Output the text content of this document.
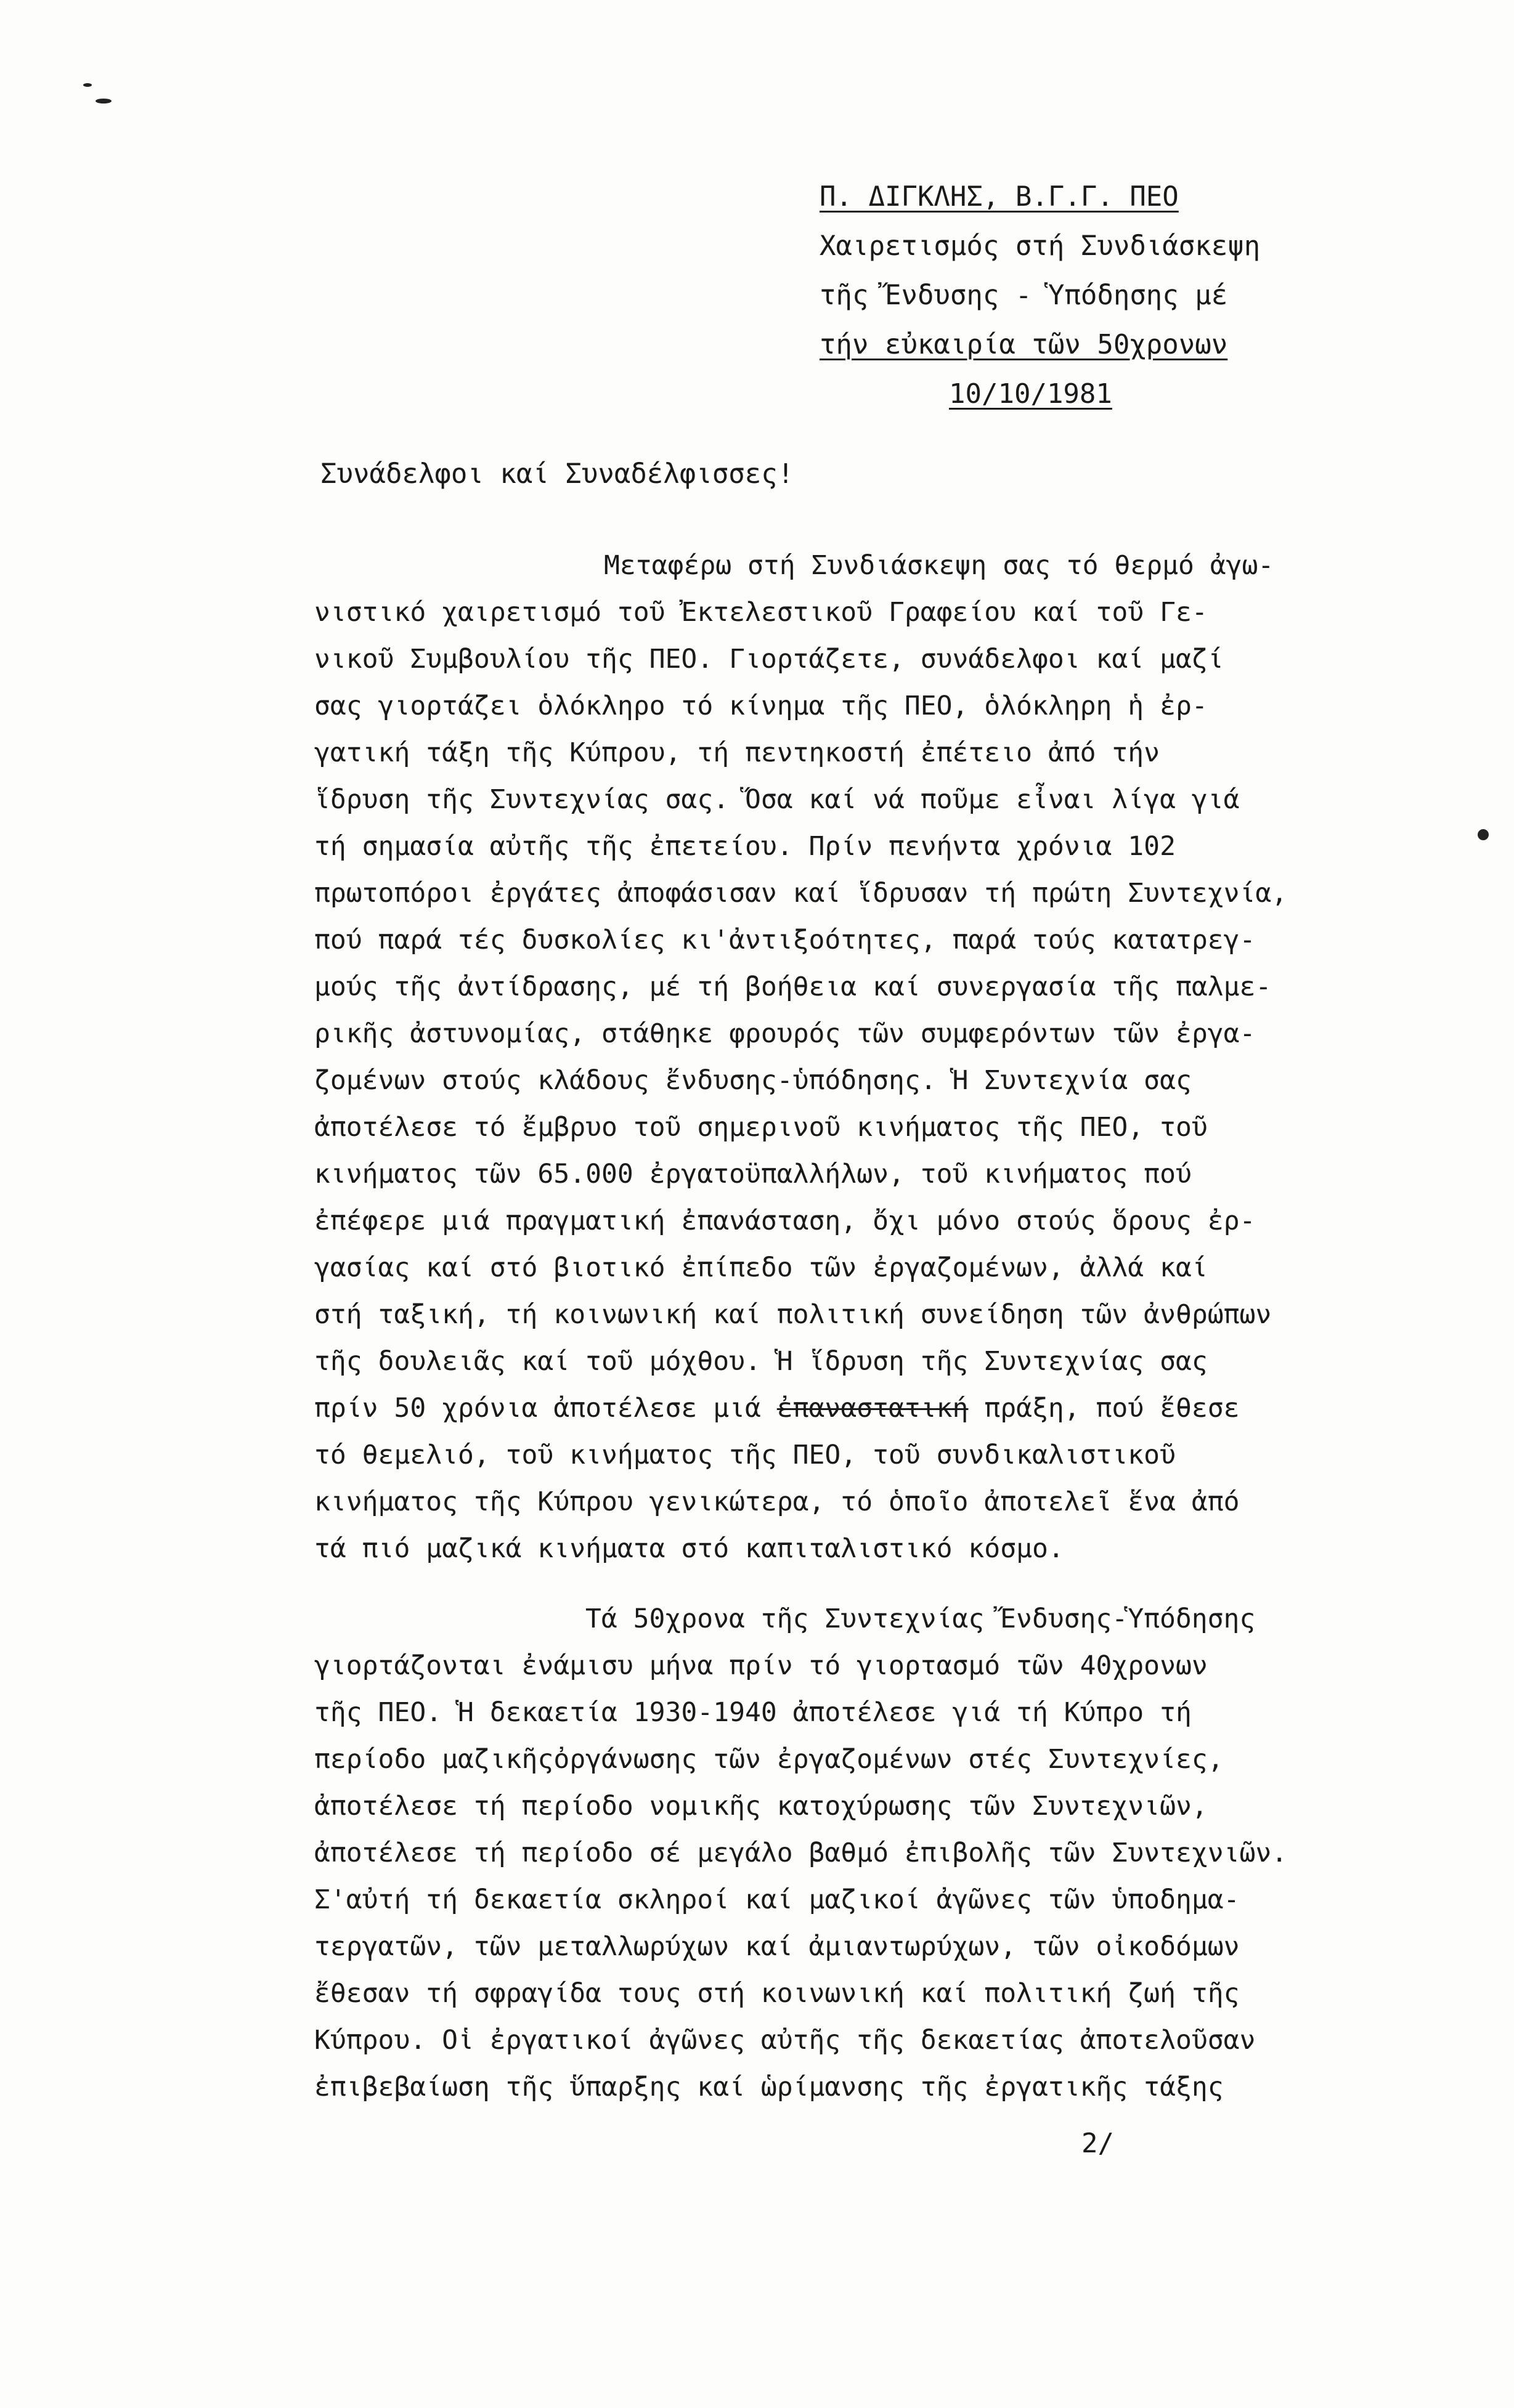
Π. ΔΙΓΚΛΗΣ, Β.Γ.Γ. ΠΕΟ
Χαιρετισμός στή Συνδιάσκεψη
τῆς Ἔνδυσης - Ὑπόδησης μέ
τήν εὐκαιρία τῶν 50χρονων
10/10/1981
Συνάδελφοι καί Συναδέλφισσες!
Μεταφέρω στή Συνδιάσκεψη σας τό θερμό ἀγω-
νιστικό χαιρετισμό τοῦ Ἐκτελεστικοῦ Γραφείου καί τοῦ Γε-
νικοῦ Συμβουλίου τῆς ΠΕΟ. Γιορτάζετε, συνάδελφοι καί μαζί
σας γιορτάζει ὁλόκληρο τό κίνημα τῆς ΠΕΟ, ὁλόκληρη ἡ ἐρ-
γατική τάξη τῆς Κύπρου, τή πεντηκοστή ἐπέτειο ἀπό τήν
ἵδρυση τῆς Συντεχνίας σας. Ὅσα καί νά ποῦμε εἶναι λίγα γιά
τή σημασία αὐτῆς τῆς ἐπετείου. Πρίν πενήντα χρόνια 102
πρωτοπόροι ἐργάτες ἀποφάσισαν καί ἵδρυσαν τή πρώτη Συντεχνία,
πού παρά τές δυσκολίες κι'ἀντιξοότητες, παρά τούς κατατρεγ-
μούς τῆς ἀντίδρασης, μέ τή βοήθεια καί συνεργασία τῆς παλμε-
ρικῆς ἀστυνομίας, στάθηκε φρουρός τῶν συμφερόντων τῶν ἐργα-
ζομένων στούς κλάδους ἔνδυσης-ὑπόδησης. Ἡ Συντεχνία σας
ἀποτέλεσε τό ἔμβρυο τοῦ σημερινοῦ κινήματος τῆς ΠΕΟ, τοῦ
κινήματος τῶν 65.000 ἐργατοϋπαλλήλων, τοῦ κινήματος πού
ἐπέφερε μιά πραγματική ἐπανάσταση, ὄχι μόνο στούς ὅρους ἐρ-
γασίας καί στό βιοτικό ἐπίπεδο τῶν ἐργαζομένων, ἀλλά καί
στή ταξική, τή κοινωνική καί πολιτική συνείδηση τῶν ἀνθρώπων
τῆς δουλειᾶς καί τοῦ μόχθου. Ἡ ἵδρυση τῆς Συντεχνίας σας
πρίν 50 χρόνια ἀποτέλεσε μιά ἐπαναστατική πράξη, πού ἔθεσε
τό θεμελιό, τοῦ κινήματος τῆς ΠΕΟ, τοῦ συνδικαλιστικοῦ
κινήματος τῆς Κύπρου γενικώτερα, τό ὁποῖο ἀποτελεῖ ἕνα ἀπό
τά πιό μαζικά κινήματα στό καπιταλιστικό κόσμο.
Τά 50χρονα τῆς Συντεχνίας Ἔνδυσης-Ὑπόδησης
γιορτάζονται ἐνάμισυ μήνα πρίν τό γιορτασμό τῶν 40χρονων
τῆς ΠΕΟ. Ἡ δεκαετία 1930-1940 ἀποτέλεσε γιά τή Κύπρο τή
περίοδο μαζικῆςὀργάνωσης τῶν ἐργαζομένων στές Συντεχνίες,
ἀποτέλεσε τή περίοδο νομικῆς κατοχύρωσης τῶν Συντεχνιῶν,
ἀποτέλεσε τή περίοδο σέ μεγάλο βαθμό ἐπιβολῆς τῶν Συντεχνιῶν.
Σ'αὐτή τή δεκαετία σκληροί καί μαζικοί ἀγῶνες τῶν ὑποδημα-
τεργατῶν, τῶν μεταλλωρύχων καί ἀμιαντωρύχων, τῶν οἰκοδόμων
ἔθεσαν τή σφραγίδα τους στή κοινωνική καί πολιτική ζωή τῆς
Κύπρου. Οἱ ἐργατικοί ἀγῶνες αὐτῆς τῆς δεκαετίας ἀποτελοῦσαν
ἐπιβεβαίωση τῆς ὕπαρξης καί ὡρίμανσης τῆς ἐργατικῆς τάξης
2/
